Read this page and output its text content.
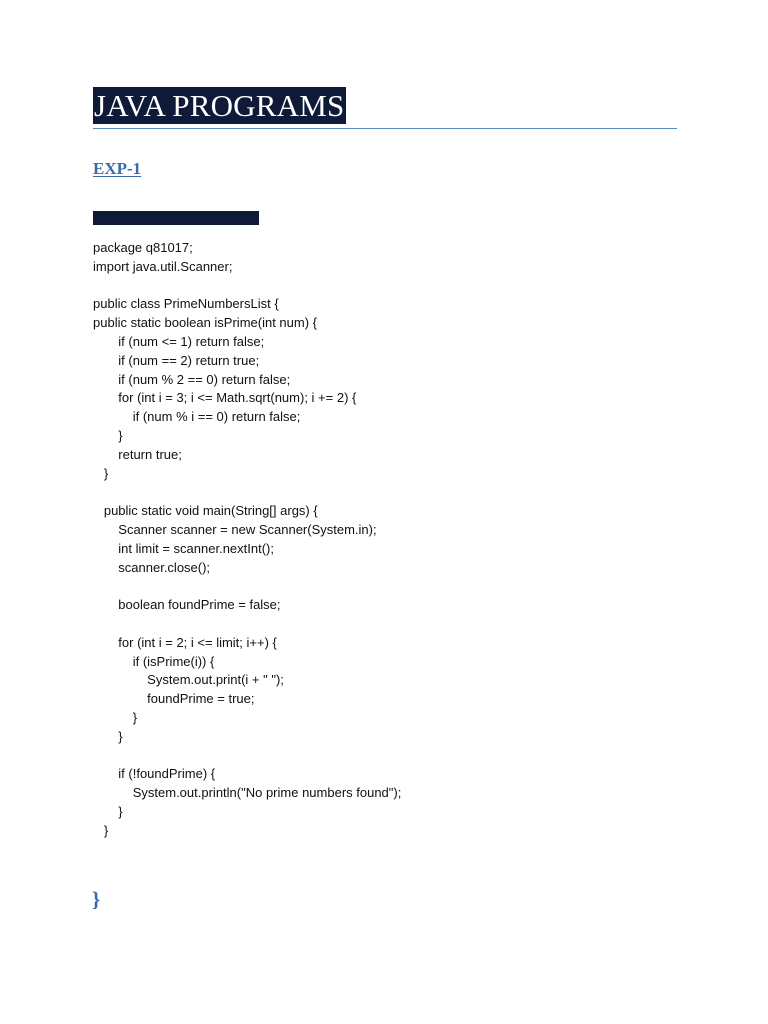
JAVA PROGRAMS
EXP-1
package q81017;
import java.util.Scanner;
public class PrimeNumbersList {
public static boolean isPrime(int num) {
if (num <= 1) return false;
if (num == 2) return true;
if (num % 2 == 0) return false;
for (int i = 3; i <= Math.sqrt(num); i += 2) {
if (num % i == 0) return false;
}
return true;
}
public static void main(String[] args) {
Scanner scanner = new Scanner(System.in);
int limit = scanner.nextInt();
scanner.close();
boolean foundPrime = false;
for (int i = 2; i <= limit; i++) {
if (isPrime(i)) {
System.out.print(i + " ");
foundPrime = true;
}
}
if (!foundPrime) {
System.out.println("No prime numbers found");
}
}
}
